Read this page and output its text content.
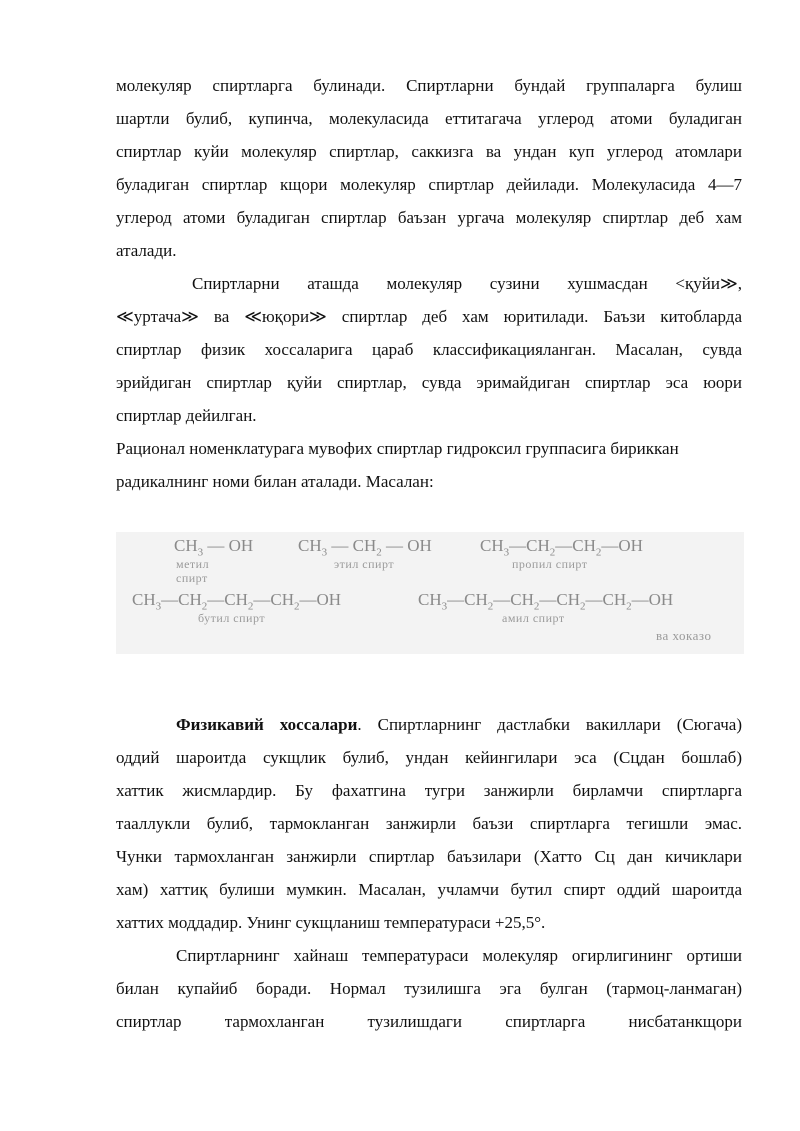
молекуляр спиртларга булинади. Спиртларни бундай группаларга булиш
шартли булиб, купинча, молекуласида еттитагача углерод атоми буладиган
спиртлар куйи молекуляр спиртлар, саккизга ва ундан куп углерод атомлари
буладиган спиртлар кщори молекуляр спиртлар дейилади. Молекуласида 4—7
углерод атоми буладиган спиртлар баъзан ургача молекуляр спиртлар деб хам
аталади.
Спиртларни аташда молекуляр сузини хушмасдан <қуйи≫,
≪уртача≫ ва ≪юқори≫ спиртлар деб хам юритилади. Баъзи китобларда
спиртлар физик хоссаларига цараб классификацияланган. Масалан, сувда
эрийдиган спиртлар қуйи спиртлар, сувда эримайдиган спиртлар эса юори
спиртлар дейилган.
Рационал номенклатурага мувофих спиртлар гидроксил группасига бириккан
радикалнинг номи билан аталади. Масалан:
$CH_3$ — OH
метил
спирт
$CH_3$ — $CH_2$ — OH
этил спирт
$CH_3—CH_2—CH_2—OH$
пропил спирт
$CH_3—CH_2—CH_2—CH_2—OH$
бутил спирт
$CH_3—CH_2—CH_2—CH_2—CH_2—OH$
амил спирт
ва хоказо
Физикавий хоссалари. Спиртларнинг дастлабки вакиллари (Сюгача)
оддий шароитда сукщлик булиб, ундан кейингилари эса (Сцдан бошлаб)
хаттик жисмлардир. Бу фахатгина тугри занжирли бирламчи спиртларга
тааллукли булиб, тармокланган занжирли баъзи спиртларга тегишли эмас.
Чунки тармохланган занжирли спиртлар баъзилари (Хатто Сц дан кичиклари
хам) хаттиқ булиши мумкин. Масалан, учламчи бутил спирт оддий шароитда
хаттих моддадир. Унинг сукщланиш температураси +25,5°.
Спиртларнинг хайнаш температураси молекуляр огирлигининг ортиши
билан купайиб боради. Нормал тузилишга эга булган (тармоц-ланмаган)
спиртлар тармохланган тузилишдаги спиртларга нисбатанкщори
